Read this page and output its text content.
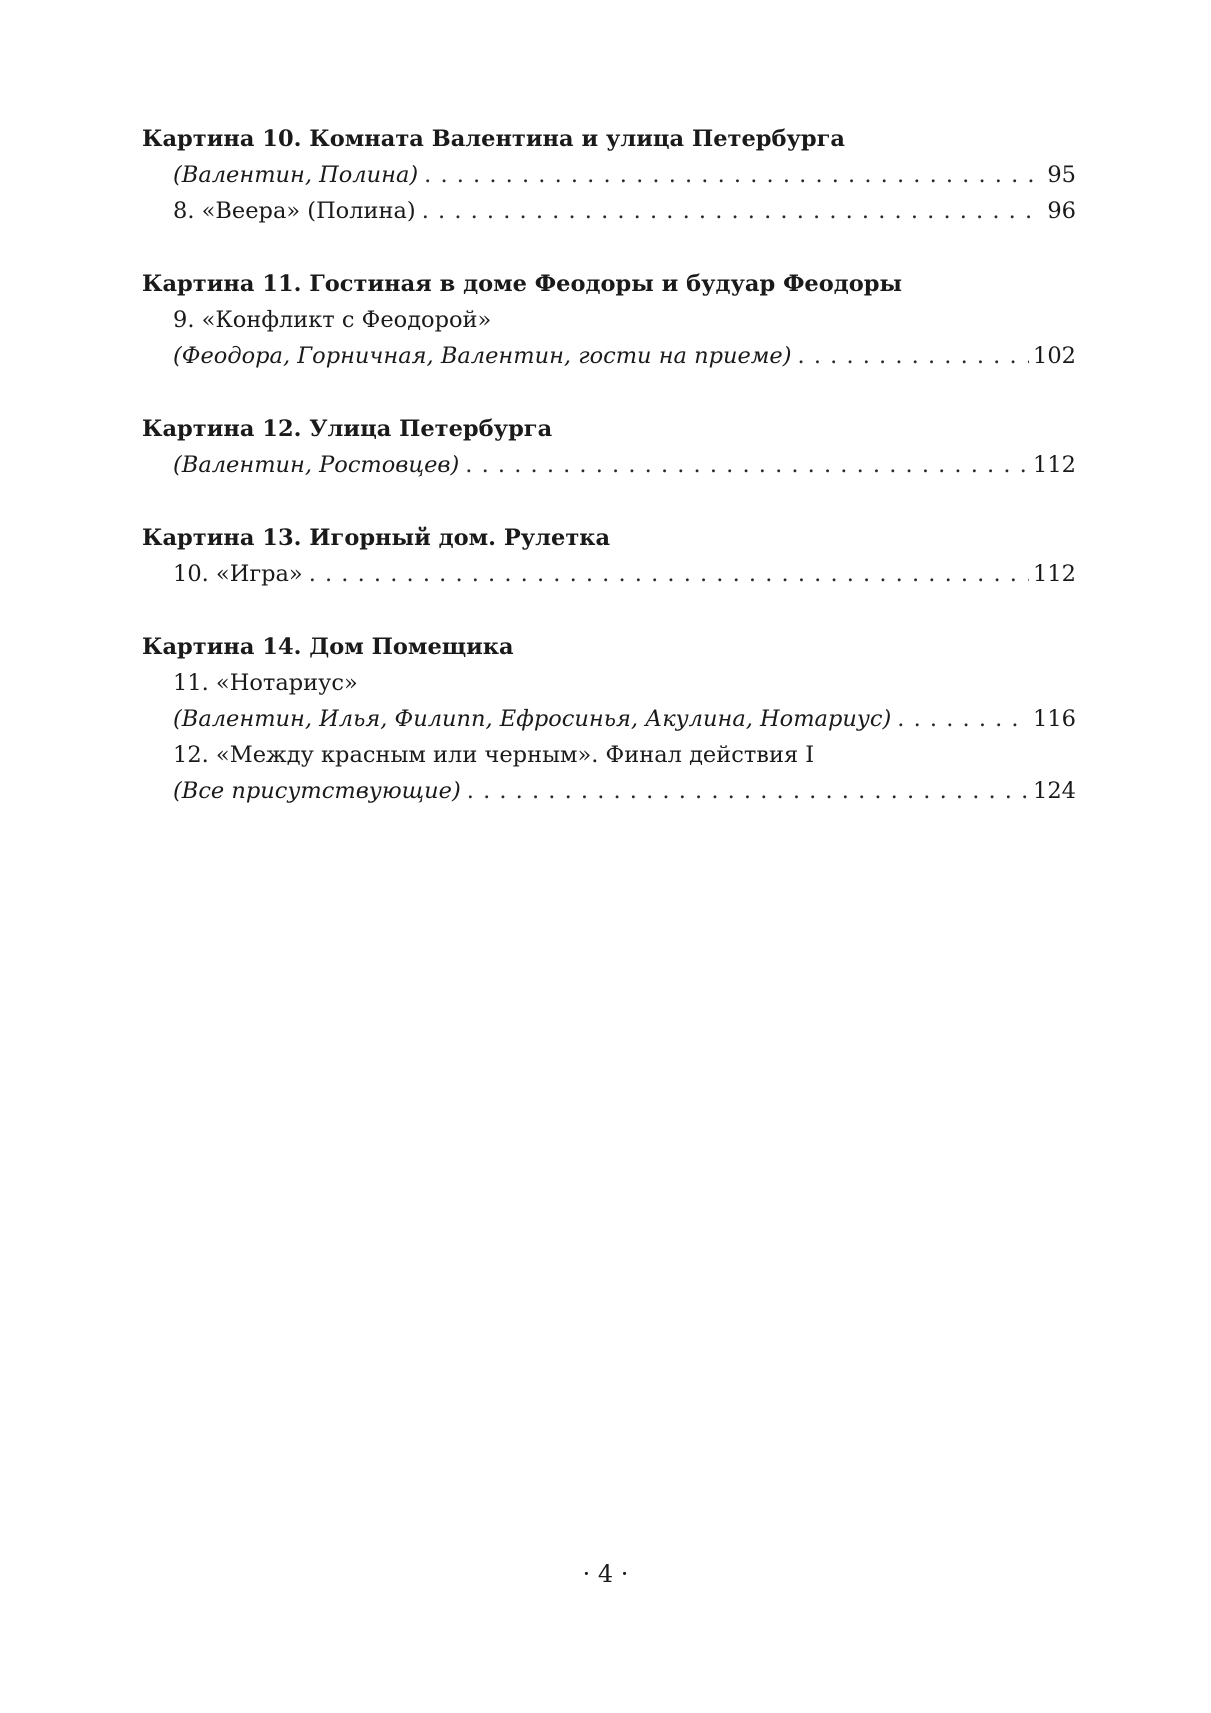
Картина 10. Комната Валентина и улица Петербурга
(Валентин, Полина) . . .	95
8. «Веера» (Полина) . . .	96
Картина 11. Гостиная в доме Феодоры и будуар Феодоры
9. «Конфликт с Феодорой»
(Феодора, Горничная, Валентин, гости на приеме) . . .	102
Картина 12. Улица Петербурга
(Валентин, Ростовцев) . . .	112
Картина 13. Игорный дом. Рулетка
10. «Игра» . . .	112
Картина 14. Дом Помещика
11. «Нотариус»
(Валентин, Илья, Филипп, Ефросинья, Акулина, Нотариус) . . .	116
12. «Между красным или черным». Финал действия I
(Все присутствующие) . . .	124
· 4 ·
